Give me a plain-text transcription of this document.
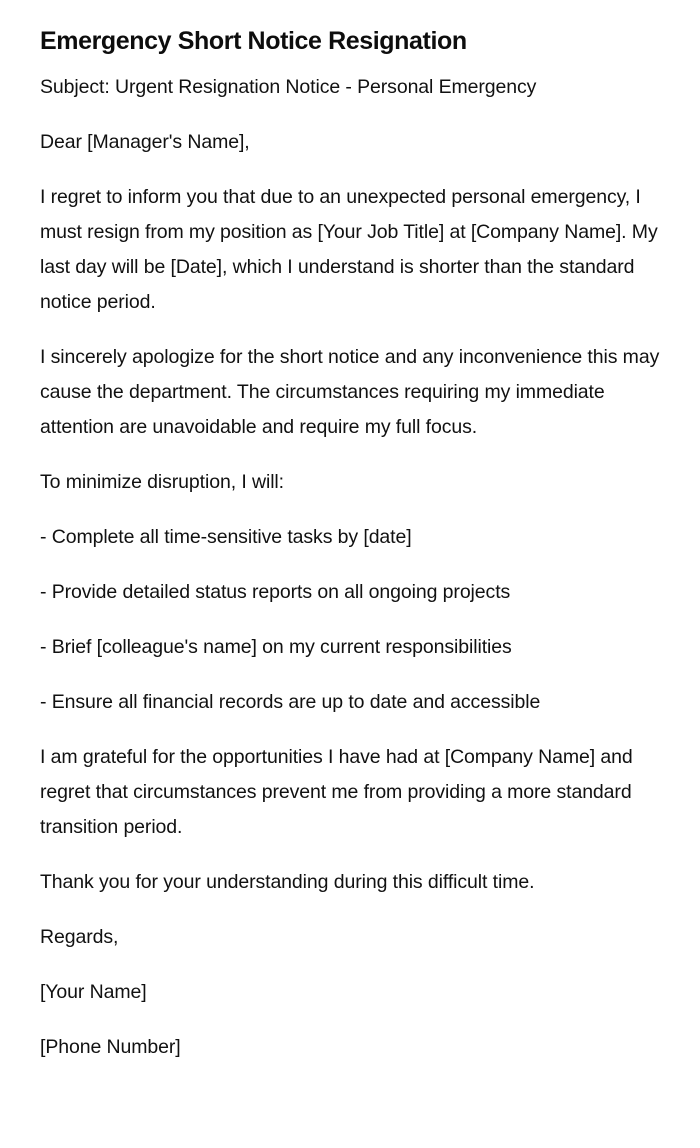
Emergency Short Notice Resignation

Subject: Urgent Resignation Notice - Personal Emergency

Dear [Manager's Name],

I regret to inform you that due to an unexpected personal emergency, I must resign from my position as [Your Job Title] at [Company Name]. My last day will be [Date], which I understand is shorter than the standard notice period.

I sincerely apologize for the short notice and any inconvenience this may cause the department. The circumstances requiring my immediate attention are unavoidable and require my full focus.

To minimize disruption, I will:

- Complete all time-sensitive tasks by [date]

- Provide detailed status reports on all ongoing projects

- Brief [colleague's name] on my current responsibilities

- Ensure all financial records are up to date and accessible

I am grateful for the opportunities I have had at [Company Name] and regret that circumstances prevent me from providing a more standard transition period.

Thank you for your understanding during this difficult time.

Regards,

[Your Name]

[Phone Number]
